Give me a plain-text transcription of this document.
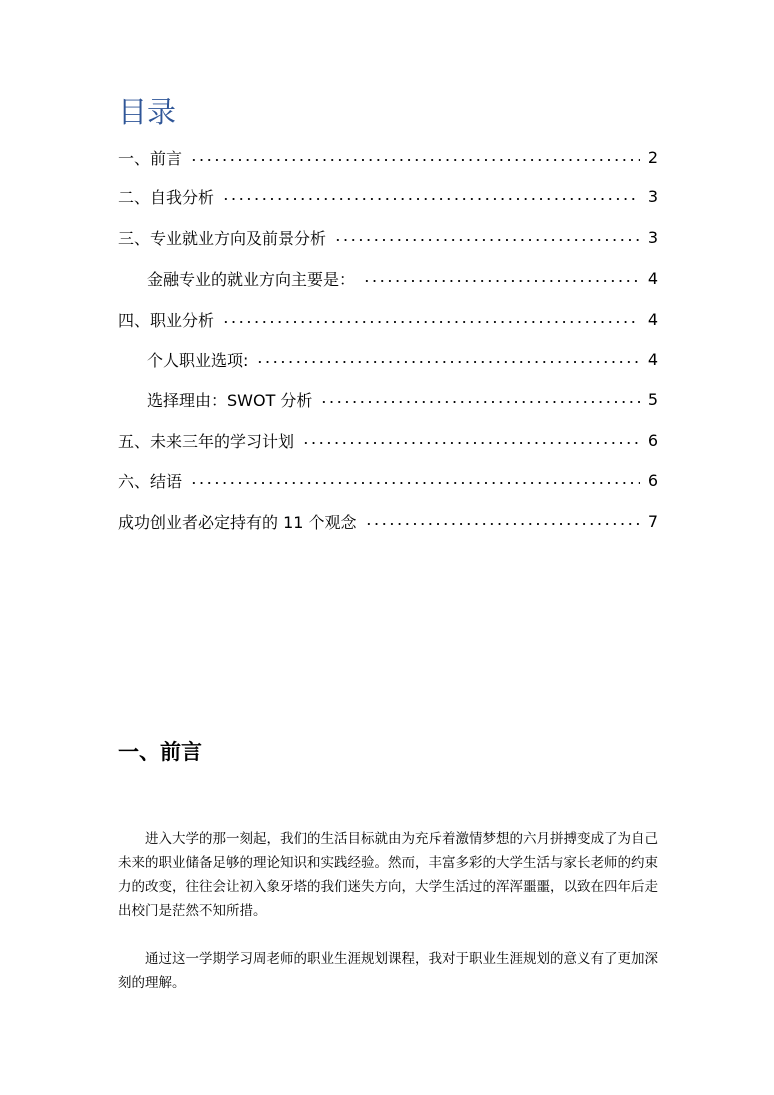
目录
一、前言	2
二、自我分析	3
三、专业就业方向及前景分析	3
金融专业的就业方向主要是：	4
四、职业分析	4
个人职业选项:	4
选择理由：SWOT 分析	5
五、未来三年的学习计划	6
六、结语	6
成功创业者必定持有的 11 个观念	7
一、前言

进入大学的那一刻起，我们的生活目标就由为充斥着激情梦想的六月拼搏变成了为自己未来的职业储备足够的理论知识和实践经验。然而，丰富多彩的大学生活与家长老师的约束力的改变，往往会让初入象牙塔的我们迷失方向，大学生活过的浑浑噩噩，以致在四年后走出校门是茫然不知所措。

通过这一学期学习周老师的职业生涯规划课程，我对于职业生涯规划的意义有了更加深刻的理解。
